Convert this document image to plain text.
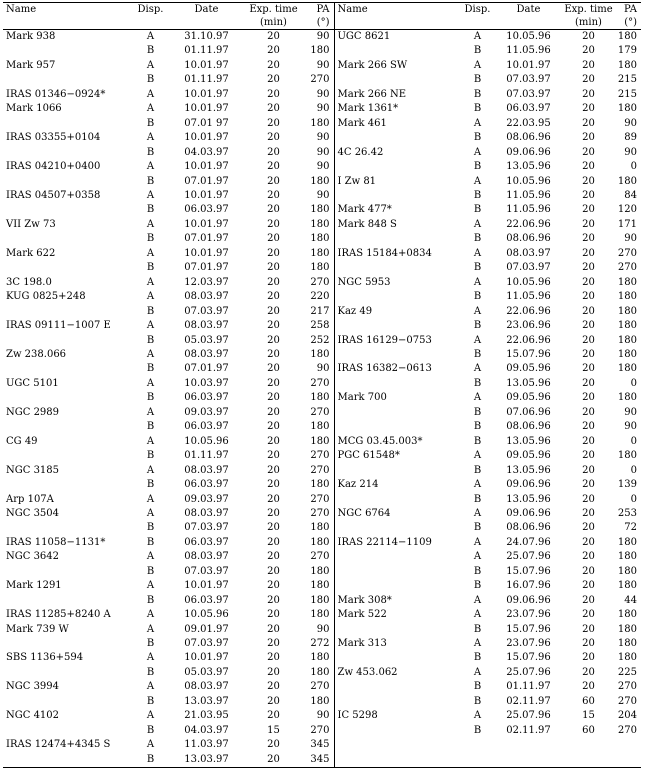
Name	Disp.	Date	Exp. time	PA	Name	Disp.	Date	Exp. time	PA
			(min)	(°)				(min)	(°)
Mark 938	A	31.10.97	20	90	UGC 8621	A	10.05.96	20	180
	B	01.11.97	20	180		B	11.05.96	20	179
Mark 957	A	10.01.97	20	90	Mark 266 SW	A	10.01.97	20	180
	B	01.11.97	20	270		B	07.03.97	20	215
IRAS 01346−0924*	A	10.01.97	20	90	Mark 266 NE	B	07.03.97	20	215
Mark 1066	A	10.01.97	20	90	Mark 1361*	B	06.03.97	20	180
	B	07.01 97	20	180	Mark 461	A	22.03.95	20	90
IRAS 03355+0104	A	10.01.97	20	90		B	08.06.96	20	89
	B	04.03.97	20	90	4C 26.42	A	09.06.96	20	90
IRAS 04210+0400	A	10.01.97	20	90		B	13.05.96	20	0
	B	07.01.97	20	180	I Zw 81	A	10.05.96	20	180
IRAS 04507+0358	A	10.01.97	20	90		B	11.05.96	20	84
	B	06.03.97	20	180	Mark 477*	B	11.05.96	20	120
VII Zw 73	A	10.01.97	20	180	Mark 848 S	A	22.06.96	20	171
	B	07.01.97	20	180		B	08.06.96	20	90
Mark 622	A	10.01.97	20	180	IRAS 15184+0834	A	08.03.97	20	270
	B	07.01.97	20	180		B	07.03.97	20	270
3C 198.0	A	12.03.97	20	270	NGC 5953	A	10.05.96	20	180
KUG 0825+248	A	08.03.97	20	220		B	11.05.96	20	180
	B	07.03.97	20	217	Kaz 49	A	22.06.96	20	180
IRAS 09111−1007 E	A	08.03.97	20	258		B	23.06.96	20	180
	B	05.03.97	20	252	IRAS 16129−0753	A	22.06.96	20	180
Zw 238.066	A	08.03.97	20	180		B	15.07.96	20	180
	B	07.01.97	20	90	IRAS 16382−0613	A	09.05.96	20	180
UGC 5101	A	10.03.97	20	270		B	13.05.96	20	0
	B	06.03.97	20	180	Mark 700	A	09.05.96	20	180
NGC 2989	A	09.03.97	20	270		B	07.06.96	20	90
	B	06.03.97	20	180		B	08.06.96	20	90
CG 49	A	10.05.96	20	180	MCG 03.45.003*	B	13.05.96	20	0
	B	01.11.97	20	270	PGC 61548*	A	09.05.96	20	180
NGC 3185	A	08.03.97	20	270		B	13.05.96	20	0
	B	06.03.97	20	180	Kaz 214	A	09.06.96	20	139
Arp 107A	A	09.03.97	20	270		B	13.05.96	20	0
NGC 3504	A	08.03.97	20	270	NGC 6764	A	09.06.96	20	253
	B	07.03.97	20	180		B	08.06.96	20	72
IRAS 11058−1131*	B	06.03.97	20	180	IRAS 22114−1109	A	24.07.96	20	180
NGC 3642	A	08.03.97	20	270		A	25.07.96	20	180
	B	07.03.97	20	180		B	15.07.96	20	180
Mark 1291	A	10.01.97	20	180		B	16.07.96	20	180
	B	06.03.97	20	180	Mark 308*	A	09.06.96	20	44
IRAS 11285+8240 A	A	10.05.96	20	180	Mark 522	A	23.07.96	20	180
Mark 739 W	A	09.01.97	20	90		B	15.07.96	20	180
	B	07.03.97	20	272	Mark 313	A	23.07.96	20	180
SBS 1136+594	A	10.01.97	20	180		B	15.07.96	20	180
	B	05.03.97	20	180	Zw 453.062	A	25.07.96	20	225
NGC 3994	A	08.03.97	20	270		B	01.11.97	20	270
	B	13.03.97	20	180		B	02.11.97	60	270
NGC 4102	A	21.03.95	20	90	IC 5298	A	25.07.96	15	204
	B	04.03.97	15	270		B	02.11.97	60	270
IRAS 12474+4345 S	A	11.03.97	20	345					
	B	13.03.97	20	345					
